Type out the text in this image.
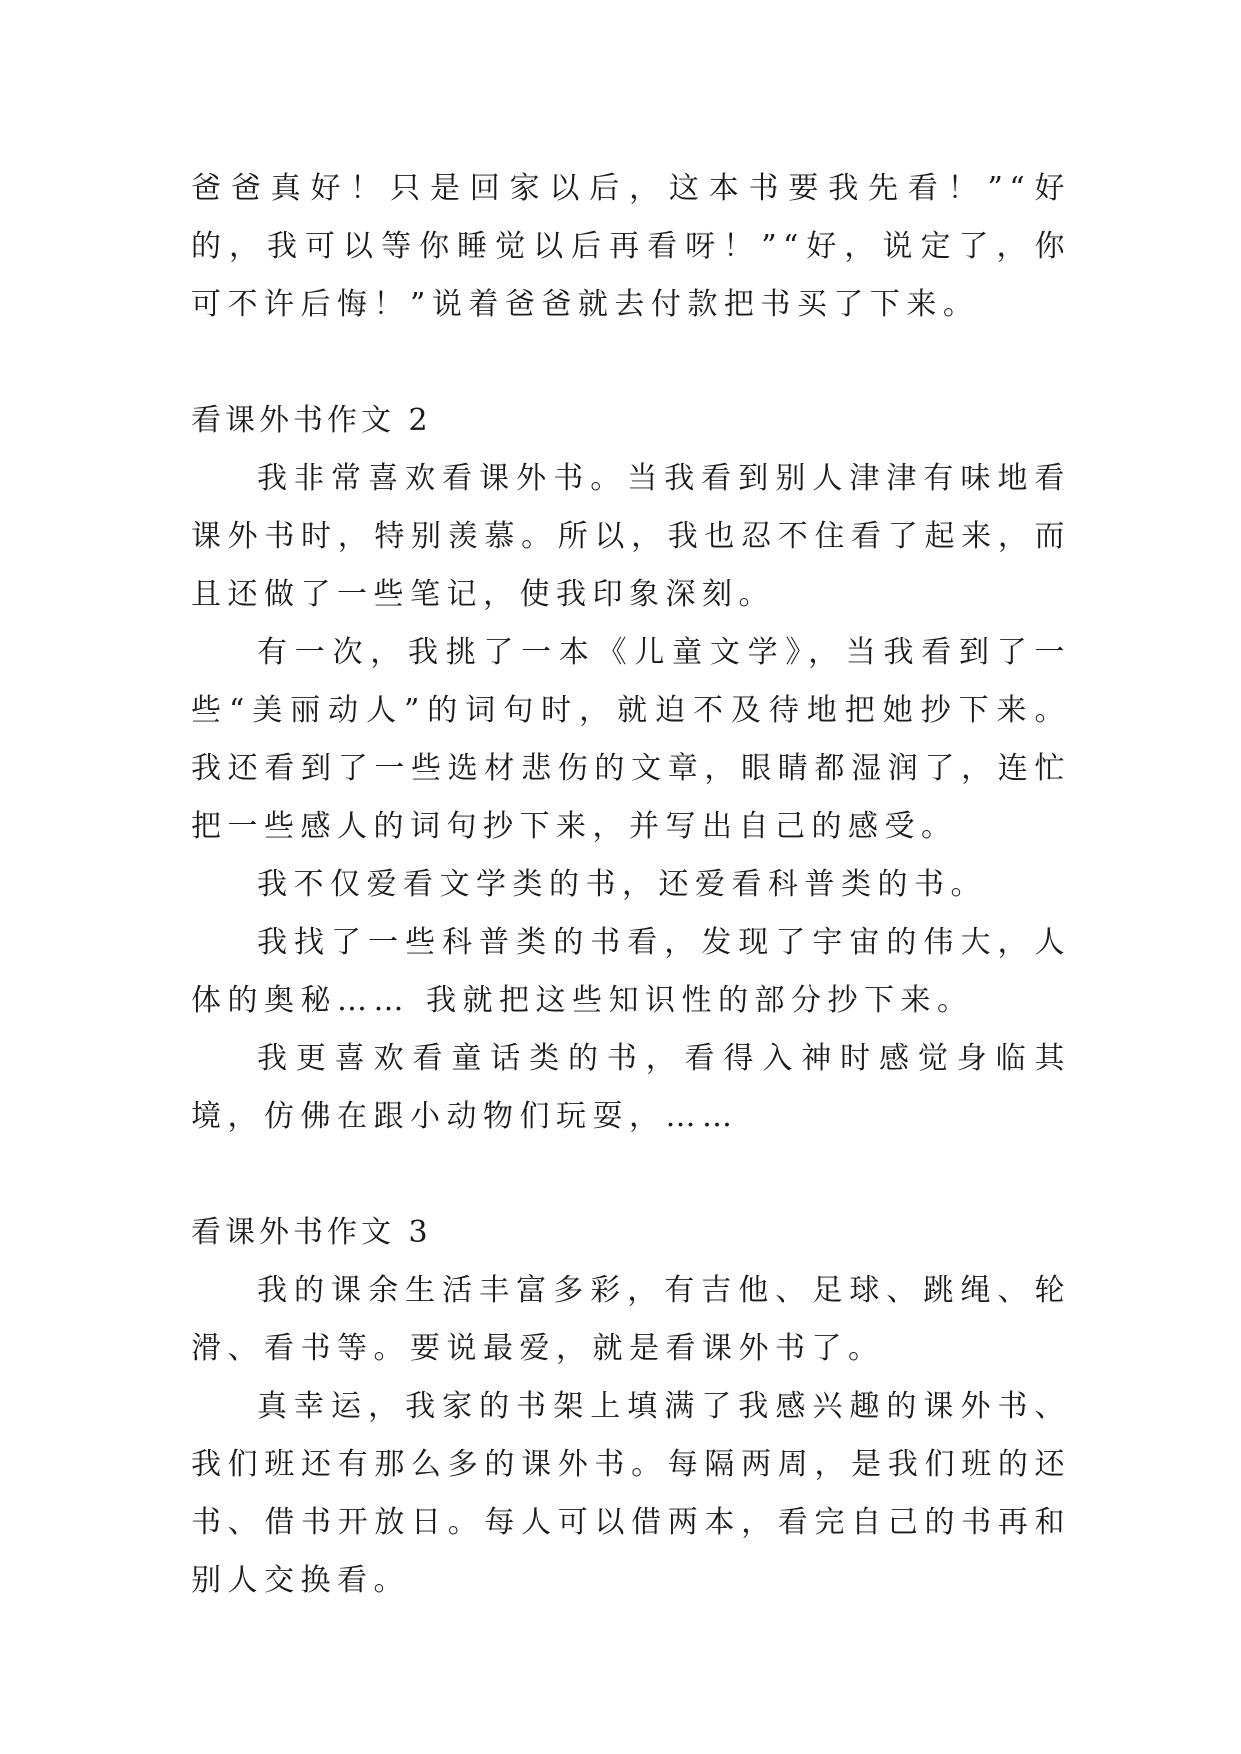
爸爸真好！只是回家以后，这本书要我先看！”“好的，我可以等你睡觉以后再看呀！”“好，说定了，你可不许后悔！”说着爸爸就去付款把书买了下来。

看课外书作文 2

我非常喜欢看课外书。当我看到别人津津有味地看课外书时，特别羡慕。所以，我也忍不住看了起来，而且还做了一些笔记，使我印象深刻。

有一次，我挑了一本《儿童文学》，当我看到了一些“美丽动人”的词句时，就迫不及待地把她抄下来。我还看到了一些选材悲伤的文章，眼睛都湿润了，连忙把一些感人的词句抄下来，并写出自己的感受。

我不仅爱看文学类的书，还爱看科普类的书。

我找了一些科普类的书看，发现了宇宙的伟大，人体的奥秘…… 我就把这些知识性的部分抄下来。

我更喜欢看童话类的书，看得入神时感觉身临其境，仿佛在跟小动物们玩耍，……

看课外书作文 3

我的课余生活丰富多彩，有吉他、足球、跳绳、轮滑、看书等。要说最爱，就是看课外书了。

真幸运，我家的书架上填满了我感兴趣的课外书、我们班还有那么多的课外书。每隔两周，是我们班的还书、借书开放日。每人可以借两本，看完自己的书再和别人交换看。
